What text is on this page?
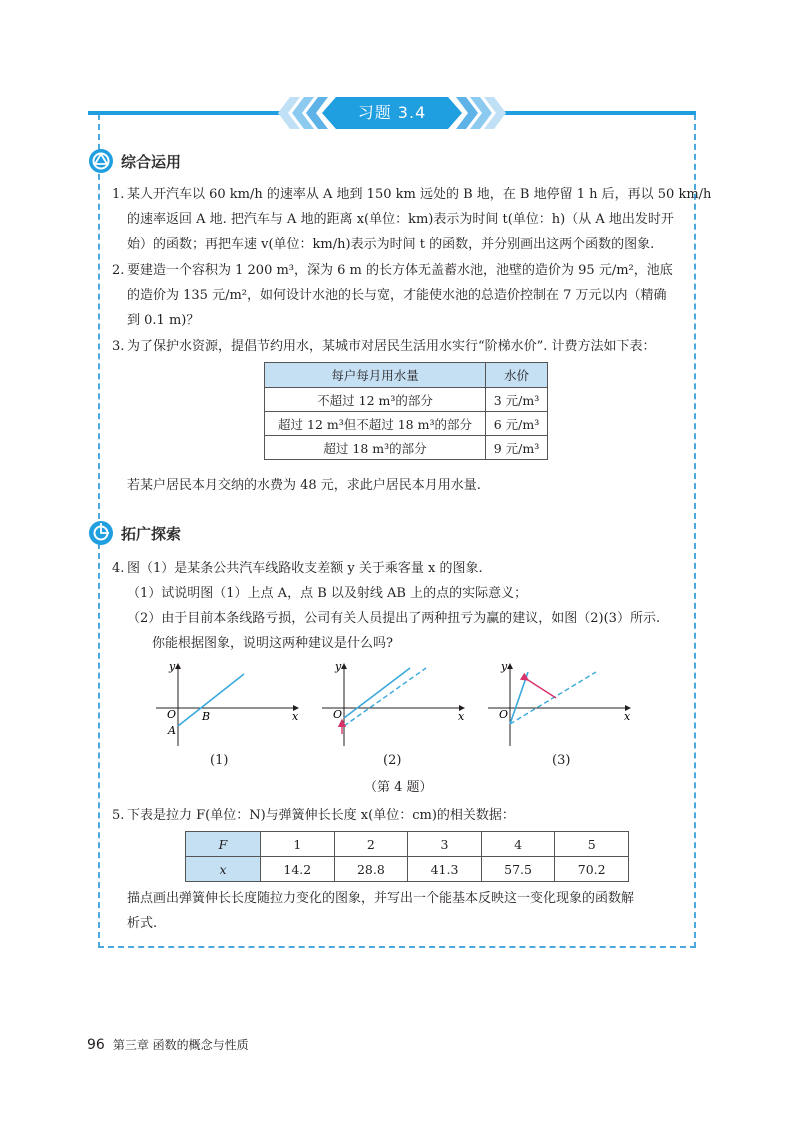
习题 3.4
综合运用
1. 某人开汽车以 60 km/h 的速率从 A 地到 150 km 远处的 B 地，在 B 地停留 1 h 后，再以 50 km/h
的速率返回 A 地. 把汽车与 A 地的距离 x(单位：km)表示为时间 t(单位：h)（从 A 地出发时开
始）的函数；再把车速 v(单位：km/h)表示为时间 t 的函数，并分别画出这两个函数的图象.
2. 要建造一个容积为 1 200 m³，深为 6 m 的长方体无盖蓄水池，池壁的造价为 95 元/m²，池底
的造价为 135 元/m²，如何设计水池的长与宽，才能使水池的总造价控制在 7 万元以内（精确
到 0.1 m)？
3. 为了保护水资源，提倡节约用水，某城市对居民生活用水实行“阶梯水价”. 计费方法如下表：
每户每月用水量	水价
不超过 12 m³的部分	3 元/m³
超过 12 m³但不超过 18 m³的部分	6 元/m³
超过 18 m³的部分	9 元/m³
若某户居民本月交纳的水费为 48 元，求此户居民本月用水量.
拓广探索
4. 图（1）是某条公共汽车线路收支差额 y 关于乘客量 x 的图象.
（1）试说明图（1）上点 A，点 B 以及射线 AB 上的点的实际意义；
（2）由于目前本条线路亏损，公司有关人员提出了两种扭亏为赢的建议，如图（2)(3）所示.
你能根据图象，说明这两种建议是什么吗?
x
y
O
A
B	x
y
O	x
y
O
(1)	(2)	(3)
（第 4 题）
5. 下表是拉力 F(单位：N)与弹簧伸长长度 x(单位：cm)的相关数据：
F	1	2	3	4	5
x	14.2	28.8	41.3	57.5	70.2
描点画出弹簧伸长长度随拉力变化的图象，并写出一个能基本反映这一变化现象的函数解
析式.
96 第三章 函数的概念与性质
